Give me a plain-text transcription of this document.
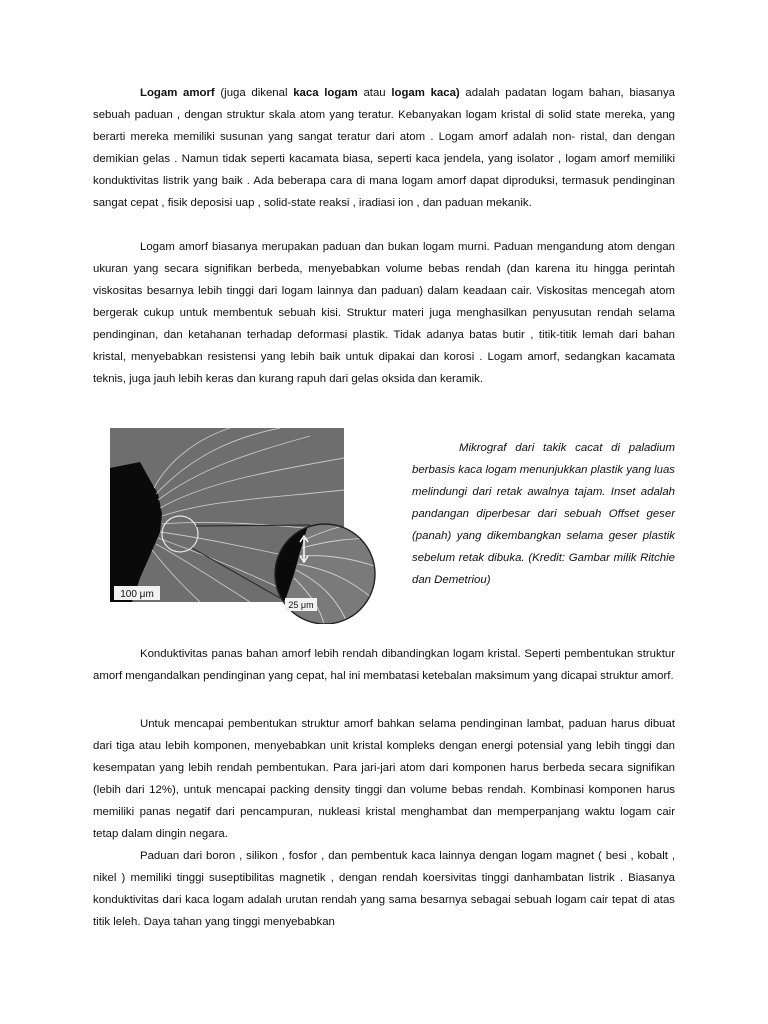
Logam amorf (juga dikenal kaca logam atau logam kaca) adalah padatan logam bahan, biasanya sebuah paduan , dengan struktur skala atom yang teratur. Kebanyakan logam kristal di solid state mereka, yang berarti mereka memiliki susunan yang sangat teratur dari atom . Logam amorf adalah non- ristal, dan dengan demikian gelas . Namun tidak seperti kacamata biasa, seperti kaca jendela, yang isolator , logam amorf memiliki konduktivitas listrik yang baik . Ada beberapa cara di mana logam amorf dapat diproduksi, termasuk pendinginan sangat cepat , fisik deposisi uap , solid-state reaksi , iradiasi ion , dan paduan mekanik.

Logam amorf biasanya merupakan paduan dan bukan logam murni. Paduan mengandung atom dengan ukuran yang secara signifikan berbeda, menyebabkan volume bebas rendah (dan karena itu hingga perintah viskositas besarnya lebih tinggi dari logam lainnya dan paduan) dalam keadaan cair. Viskositas mencegah atom bergerak cukup untuk membentuk sebuah kisi. Struktur materi juga menghasilkan penyusutan rendah selama pendinginan, dan ketahanan terhadap deformasi plastik. Tidak adanya batas butir , titik-titik lemah dari bahan kristal, menyebabkan resistensi yang lebih baik untuk dipakai dan korosi . Logam amorf, sedangkan kacamata teknis, juga jauh lebih keras dan kurang rapuh dari gelas oksida dan keramik.

100 μm
25 μm

Mikrograf dari takik cacat di paladium berbasis kaca logam menunjukkan plastik yang luas melindungi dari retak awalnya tajam. Inset adalah pandangan diperbesar dari sebuah Offset geser (panah) yang dikembangkan selama geser plastik sebelum retak dibuka. (Kredit: Gambar milik Ritchie dan Demetriou)

Konduktivitas panas bahan amorf lebih rendah dibandingkan logam kristal. Seperti pembentukan struktur amorf mengandalkan pendinginan yang cepat, hal ini membatasi ketebalan maksimum yang dicapai struktur amorf.

Untuk mencapai pembentukan struktur amorf bahkan selama pendinginan lambat, paduan harus dibuat dari tiga atau lebih komponen, menyebabkan unit kristal kompleks dengan energi potensial yang lebih tinggi dan kesempatan yang lebih rendah pembentukan. Para jari-jari atom dari komponen harus berbeda secara signifikan (lebih dari 12%), untuk mencapai packing density tinggi dan volume bebas rendah. Kombinasi komponen harus memiliki panas negatif dari pencampuran, nukleasi kristal menghambat dan memperpanjang waktu logam cair tetap dalam dingin negara.

Paduan dari boron , silikon , fosfor , dan pembentuk kaca lainnya dengan logam magnet ( besi , kobalt , nikel ) memiliki tinggi suseptibilitas magnetik , dengan rendah koersivitas tinggi danhambatan listrik . Biasanya konduktivitas dari kaca logam adalah urutan rendah yang sama besarnya sebagai sebuah logam cair tepat di atas titik leleh. Daya tahan yang tinggi menyebabkan
